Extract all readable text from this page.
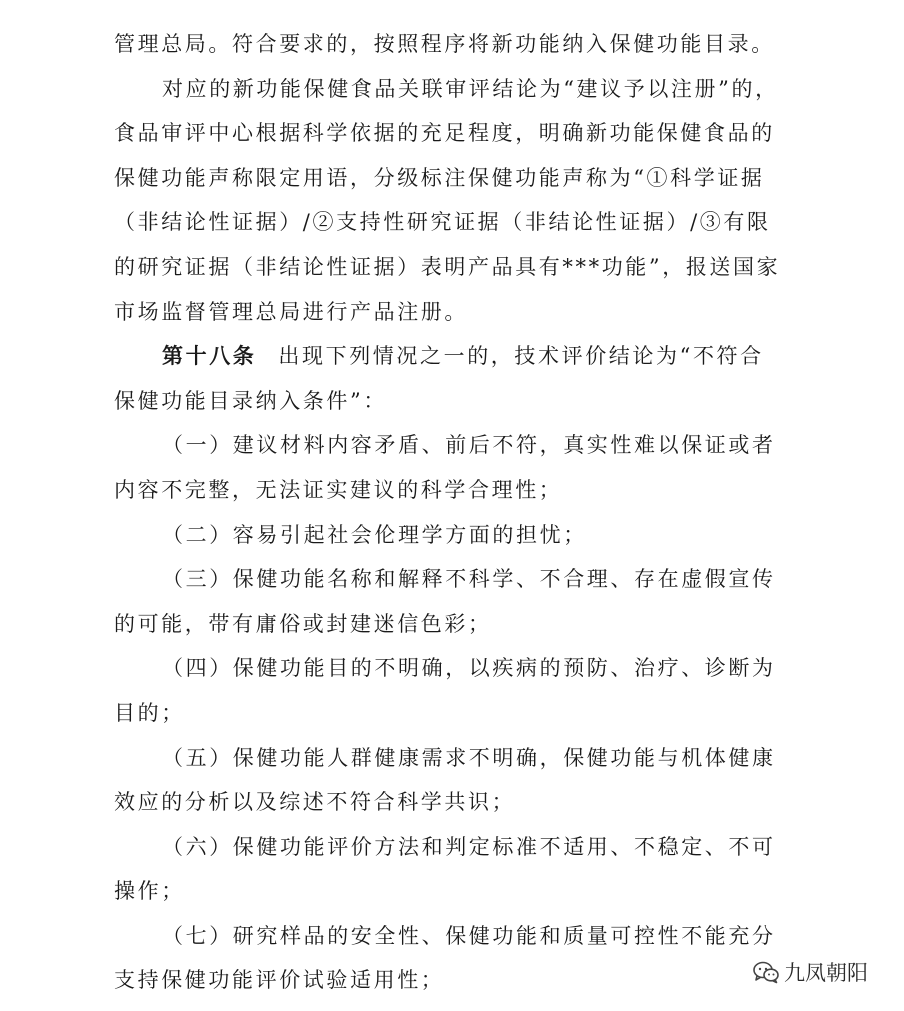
管理总局。符合要求的，按照程序将新功能纳入保健功能目录。
对应的新功能保健食品关联审评结论为“建议予以注册”的，
食品审评中心根据科学依据的充足程度，明确新功能保健食品的
保健功能声称限定用语，分级标注保健功能声称为“①科学证据
（非结论性证据）/②支持性研究证据（非结论性证据）/③有限
的研究证据（非结论性证据）表明产品具有***功能”，报送国家
市场监督管理总局进行产品注册。
第十八条 出现下列情况之一的，技术评价结论为“不符合
保健功能目录纳入条件”：
（一）建议材料内容矛盾、前后不符，真实性难以保证或者
内容不完整，无法证实建议的科学合理性；
（二）容易引起社会伦理学方面的担忧；
（三）保健功能名称和解释不科学、不合理、存在虚假宣传
的可能，带有庸俗或封建迷信色彩；
（四）保健功能目的不明确，以疾病的预防、治疗、诊断为
目的；
（五）保健功能人群健康需求不明确，保健功能与机体健康
效应的分析以及综述不符合科学共识；
（六）保健功能评价方法和判定标准不适用、不稳定、不可
操作；
（七）研究样品的安全性、保健功能和质量可控性不能充分
支持保健功能评价试验适用性；	九凤朝阳
